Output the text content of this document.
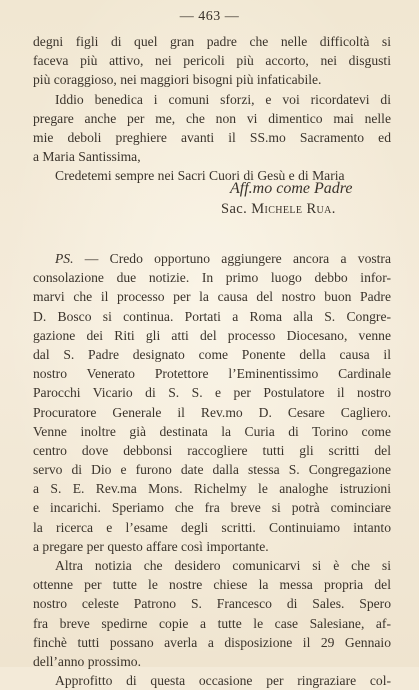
— 463 —
degni figli di quel gran padre che nelle difficoltà si
faceva più attivo, nei pericoli più accorto, nei disgusti
più coraggioso, nei maggiori bisogni più infaticabile.
Iddio benedica i comuni sforzi, e voi ricordatevi di
pregare anche per me, che non vi dimentico mai nelle
mie deboli preghiere avanti il SS.mo Sacramento ed
a Maria Santissima,
Credetemi sempre nei Sacri Cuori di Gesù e di Maria
Aff.mo come Padre
Sac. Michele Rua.
PS. — Credo opportuno aggiungere ancora a vostra
consolazione due notizie. In primo luogo debbo infor-
marvi che il processo per la causa del nostro buon Padre
D. Bosco si continua. Portati a Roma alla S. Congre-
gazione dei Riti gli atti del processo Diocesano, venne
dal S. Padre designato come Ponente della causa il
nostro Venerato Protettore l’Eminentissimo Cardinale
Parocchi Vicario di S. S. e per Postulatore il nostro
Procuratore Generale il Rev.mo D. Cesare Cagliero.
Venne inoltre già destinata la Curia di Torino come
centro dove debbonsi raccogliere tutti gli scritti del
servo di Dio e furono date dalla stessa S. Congregazione
a S. E. Rev.ma Mons. Richelmy le analoghe istruzioni
e incarichi. Speriamo che fra breve si potrà cominciare
la ricerca e l’esame degli scritti. Continuiamo intanto
a pregare per questo affare così importante.
Altra notizia che desidero comunicarvi si è che si
ottenne per tutte le nostre chiese la messa propria del
nostro celeste Patrono S. Francesco di Sales. Spero
fra breve spedirne copie a tutte le case Salesiane, af-
finchè tutti possano averla a disposizione il 29 Gennaio
dell’anno prossimo.
Approfitto di questa occasione per ringraziare col-
